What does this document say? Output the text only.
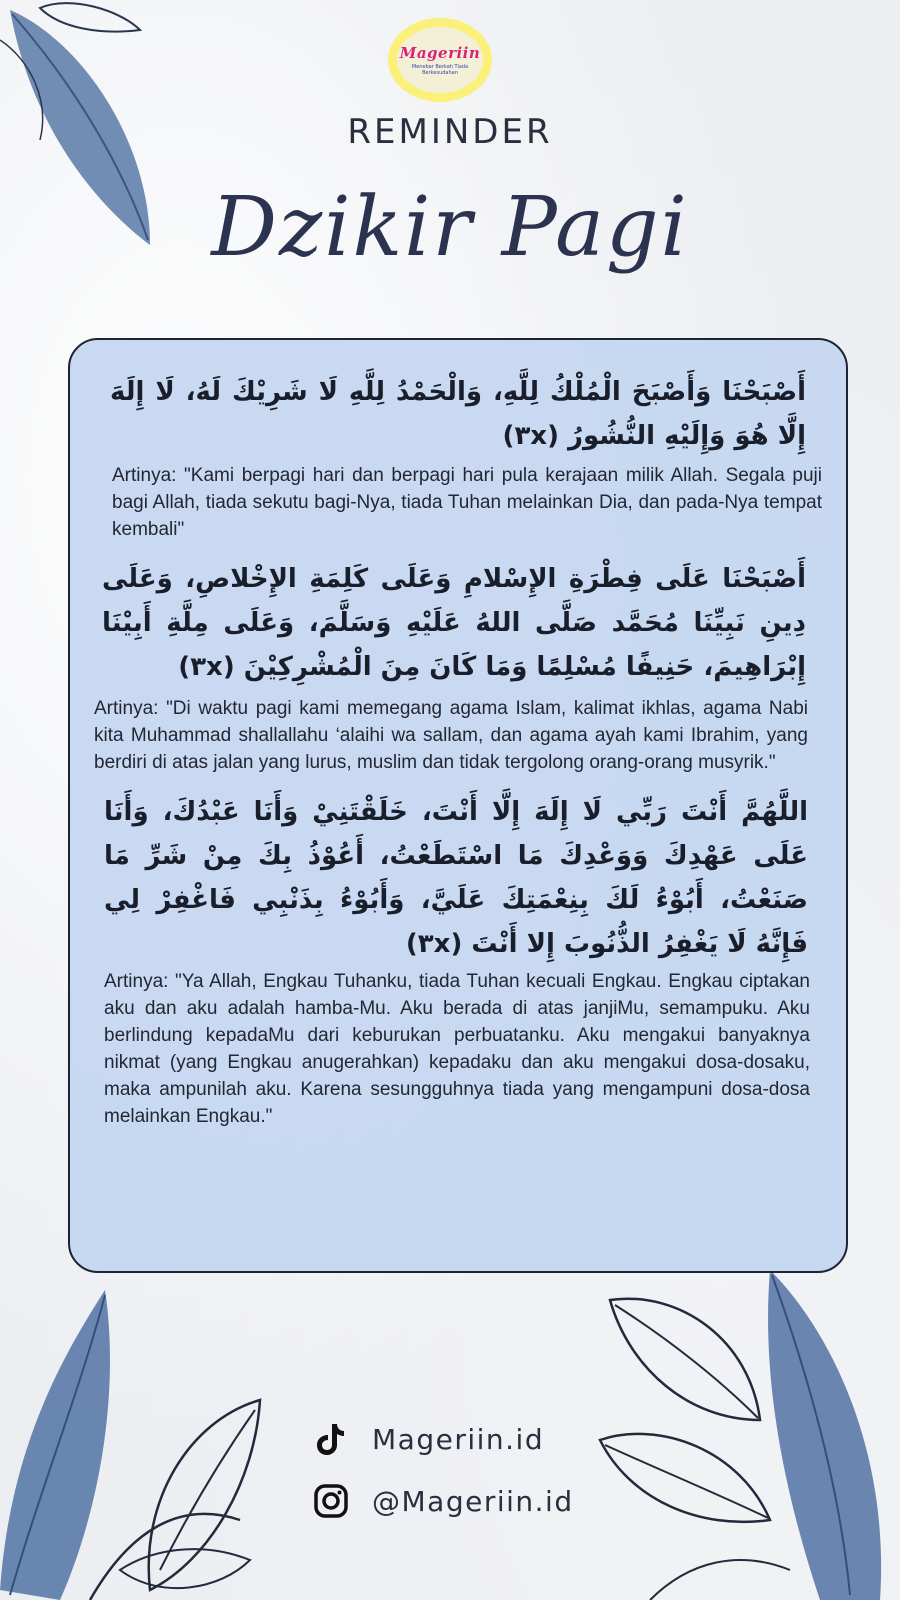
Mageriin
Menebar Berkah Tiada
Berkesudahan
REMINDER
Dzikir Pagi
أَصْبَحْنَا وَأَصْبَحَ الْمُلْكُ لِلَّهِ، وَالْحَمْدُ لِلَّهِ لَا شَرِيْكَ لَهُ، لَا إِلَهَ إِلَّا هُوَ وَإِلَيْهِ النُّشُورُ (٣x)
Artinya: "Kami berpagi hari dan berpagi hari pula kerajaan milik Allah. Segala puji bagi Allah, tiada sekutu bagi-Nya, tiada Tuhan melainkan Dia, dan pada-Nya tempat kembali"
أَصْبَحْنَا عَلَى فِطْرَةِ الإِسْلامِ وَعَلَى كَلِمَةِ الإِخْلاصِ، وَعَلَى دِينِ نَبِيِّنَا مُحَمَّد صَلَّى اللهُ عَلَيْهِ وَسَلَّمَ، وَعَلَى مِلَّةِ أَبِيْنَا إِبْرَاهِيمَ، حَنِيفًا مُسْلِمًا وَمَا كَانَ مِنَ الْمُشْرِكِيْنَ (٣x)
Artinya: "Di waktu pagi kami memegang agama Islam, kalimat ikhlas, agama Nabi kita Muhammad shallallahu ‘alaihi wa sallam, dan agama ayah kami Ibrahim, yang berdiri di atas jalan yang lurus, muslim dan tidak tergolong orang-orang musyrik."
اللَّهُمَّ أَنْتَ رَبِّي لَا إِلَهَ إِلَّا أَنْتَ، خَلَقْتَنِيْ وَأَنَا عَبْدُكَ، وَأَنَا عَلَى عَهْدِكَ وَوَعْدِكَ مَا اسْتَطَعْتُ، أَعُوْذُ بِكَ مِنْ شَرِّ مَا صَنَعْتُ، أَبُوْءُ لَكَ بِنِعْمَتِكَ عَلَيَّ، وَأَبُوْءُ بِذَنْبِي فَاغْفِرْ لِي فَإِنَّهُ لَا يَغْفِرُ الذُّنُوبَ إِلا أَنْتَ (٣x)
Artinya: "Ya Allah, Engkau Tuhanku, tiada Tuhan kecuali Engkau. Engkau ciptakan aku dan aku adalah hamba-Mu. Aku berada di atas janjiMu, semampuku. Aku berlindung kepadaMu dari keburukan perbuatanku. Aku mengakui banyaknya nikmat (yang Engkau anugerahkan) kepadaku dan aku mengakui dosa-dosaku, maka ampunilah aku. Karena sesungguhnya tiada yang mengampuni dosa-dosa melainkan Engkau."
Mageriin.id
@Mageriin.id
